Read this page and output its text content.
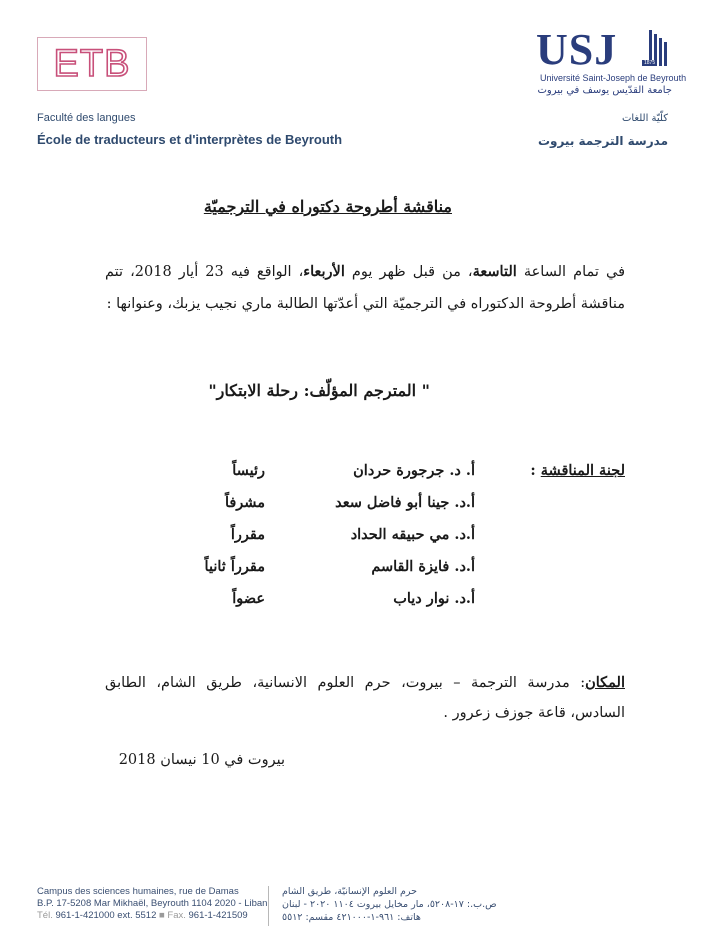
ETB	USJ	1875
Université Saint-Joseph de Beyrouth
جامعة القدّيس يوسف في بيروت
Faculté des langues
École de traducteurs et d'interprètes de Beyrouth
كلّيّة اللغات
مدرسة الترجمة بيروت
مناقشة أطروحة دكتوراه في الترجميّة
في تمام الساعة التاسعة، من قبل ظهر يوم الأربعاء، الواقع فيه 23 أيار 2018، تتم مناقشة أطروحة الدكتوراه في الترجميّة التي أعدّتها الطالبة ماري نجيب يزبك، وعنوانها :
" المترجم المؤلّف: رحلة الابتكار"
لجنة المناقشة :
أ. د. جرجورة حردان
رئيساً
أ.د. جينا أبو فاضل سعد
مشرفاً
أ.د. مي حبيقه الحداد
مقرراً
أ.د. فايزة القاسم
مقرراً ثانياً
أ.د. نوار دياب
عضواً
المكان: مدرسة الترجمة – بيروت، حرم العلوم الانسانية، طريق الشام، الطابق السادس، قاعة جوزف زعرور .
بيروت في 10 نيسان 2018
Campus des sciences humaines, rue de Damas
B.P. 17-5208 Mar Mikhaël, Beyrouth 1104 2020 - Liban
Tél. 961-1-421000 ext. 5512 ■ Fax. 961-1-421509
حرم العلوم الإنسانيّة، طريق الشام
ص.ب.: ١٧-٥٢٠٨، مار مخايل بيروت ١١٠٤ ٢٠٢٠ - لبنان
هاتف: ٩٦١-١-٤٢١٠٠٠ مقسم: ٥٥١٢
